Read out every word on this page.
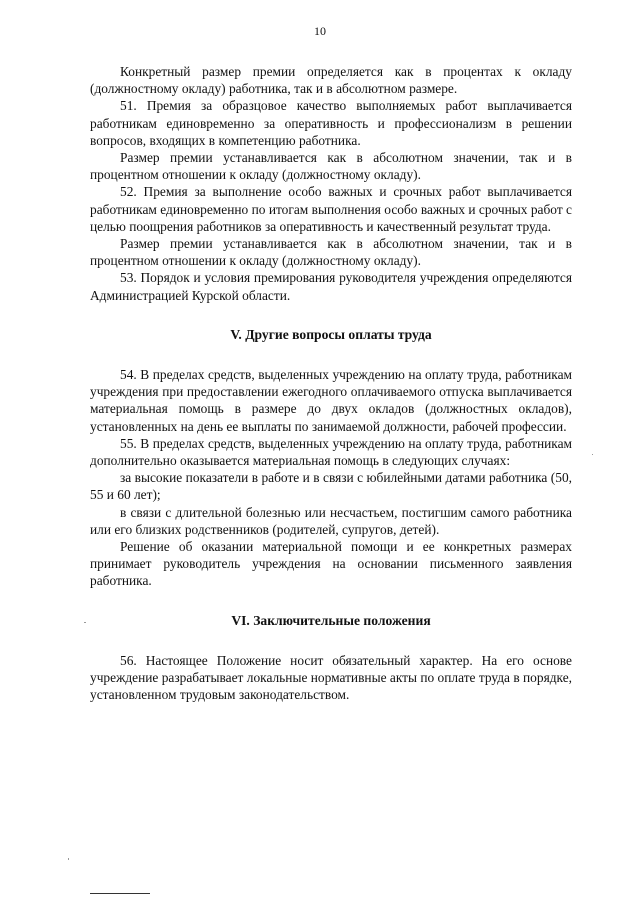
10

Конкретный размер премии определяется как в процентах к окладу (должностному окладу) работника, так и в абсолютном размере.

51. Премия за образцовое качество выполняемых работ выплачивается работникам единовременно за оперативность и профессионализм в решении вопросов, входящих в компетенцию работника.

Размер премии устанавливается как в абсолютном значении, так и в процентном отношении к окладу (должностному окладу).

52. Премия за выполнение особо важных и срочных работ выплачивается работникам единовременно по итогам выполнения особо важных и срочных работ с целью поощрения работников за оперативность и качественный результат труда.

Размер премии устанавливается как в абсолютном значении, так и в процентном отношении к окладу (должностному окладу).

53. Порядок и условия премирования руководителя учреждения определяются Администрацией Курской области.

V. Другие вопросы оплаты труда

54. В пределах средств, выделенных учреждению на оплату труда, работникам учреждения при предоставлении ежегодного оплачиваемого отпуска выплачивается материальная помощь в размере до двух окладов (должностных окладов), установленных на день ее выплаты по занимаемой должности, рабочей профессии.

55. В пределах средств, выделенных учреждению на оплату труда, работникам дополнительно оказывается материальная помощь в следующих случаях:

за высокие показатели в работе и в связи с юбилейными датами работника (50, 55 и 60 лет);

в связи с длительной болезнью или несчастьем, постигшим самого работника или его близких родственников (родителей, супругов, детей).

Решение об оказании материальной помощи и ее конкретных размерах принимает руководитель учреждения на основании письменного заявления работника.

VI. Заключительные положения

56. Настоящее Положение носит обязательный характер. На его основе учреждение разрабатывает локальные нормативные акты по оплате труда в порядке, установленном трудовым законодательством.
